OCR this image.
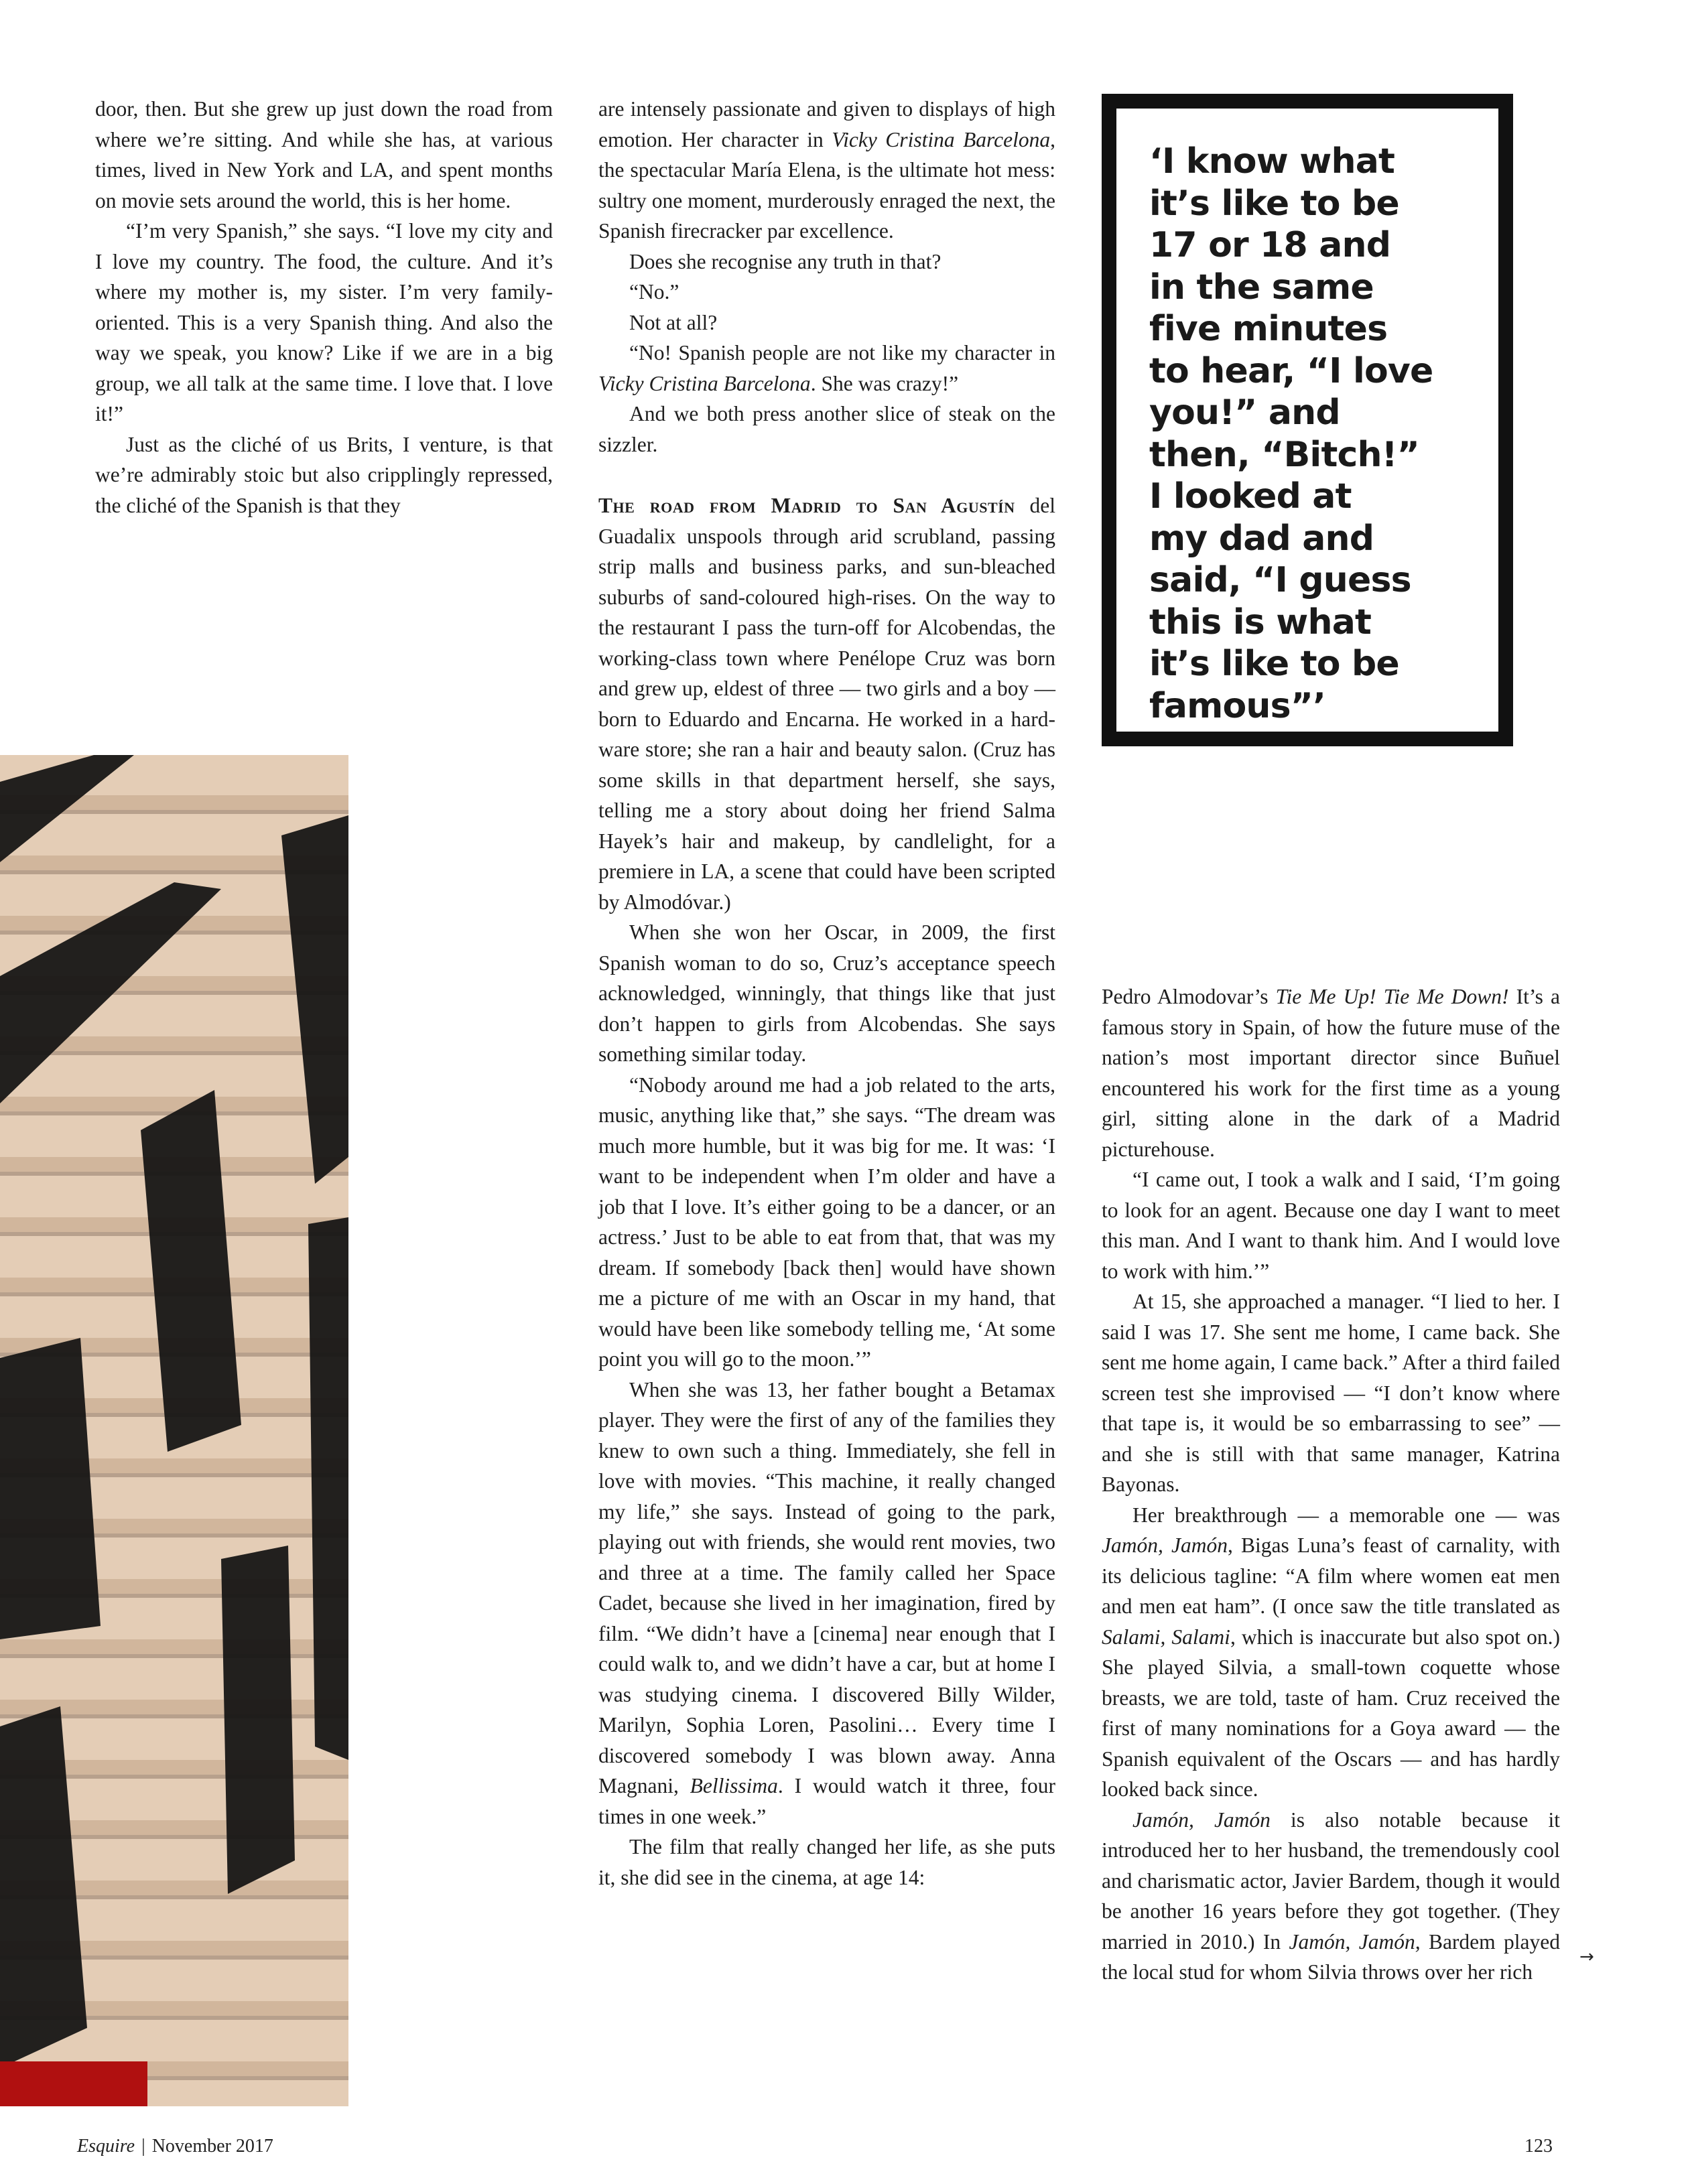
door, then. But she grew up just down the road from where we’re sitting. And while she has, at various times, lived in New York and LA, and spent months on movie sets around the world, this is her home.

“I’m very Spanish,” she says. “I love my city and I love my country. The food, the culture. And it’s where my mother is, my sister. I’m very family-oriented. This is a very Spanish thing. And also the way we speak, you know? Like if we are in a big group, we all talk at the same time. I love that. I love it!”

Just as the cliché of us Brits, I venture, is that we’re admirably stoic but also cripplingly repressed, the cliché of the Spanish is that they

are intensely passionate and given to displays of high emotion. Her character in Vicky Cristina Barcelona, the spectacular María Elena, is the ultimate hot mess: sultry one moment, murderously enraged the next, the Spanish firecracker par excellence.

Does she recognise any truth in that?

“No.”

Not at all?

“No! Spanish people are not like my character in Vicky Cristina Barcelona. She was crazy!”

And we both press another slice of steak on the sizzler.

The road from Madrid to San Agustín del Guadalix unspools through arid scrubland, passing strip malls and business parks, and sun-bleached suburbs of sand-coloured high-rises. On the way to the restaurant I pass the turn-off for Alcobendas, the working-class town where Penélope Cruz was born and grew up, eldest of three — two girls and a boy — born to Eduardo and Encarna. He worked in a hardware store; she ran a hair and beauty salon. (Cruz has some skills in that department herself, she says, telling me a story about doing her friend Salma Hayek’s hair and makeup, by candlelight, for a premiere in LA, a scene that could have been scripted by Almodóvar.)

When she won her Oscar, in 2009, the first Spanish woman to do so, Cruz’s acceptance speech acknowledged, winningly, that things like that just don’t happen to girls from Alcobendas. She says something similar today.

“Nobody around me had a job related to the arts, music, anything like that,” she says. “The dream was much more humble, but it was big for me. It was: ‘I want to be independent when I’m older and have a job that I love. It’s either going to be a dancer, or an actress.’ Just to be able to eat from that, that was my dream. If somebody [back then] would have shown me a picture of me with an Oscar in my hand, that would have been like somebody telling me, ‘At some point you will go to the moon.’”

When she was 13, her father bought a Betamax player. They were the first of any of the families they knew to own such a thing. Immediately, she fell in love with movies. “This machine, it really changed my life,” she says. Instead of going to the park, playing out with friends, she would rent movies, two and three at a time. The family called her Space Cadet, because she lived in her imagination, fired by film. “We didn’t have a [cinema] near enough that I could walk to, and we didn’t have a car, but at home I was studying cinema. I discovered Billy Wilder, Marilyn, Sophia Loren, Pasolini… Every time I discovered somebody I was blown away. Anna Magnani, Bellissima. I would watch it three, four times in one week.”

The film that really changed her life, as she puts it, she did see in the cinema, at age 14:

‘I know what
it’s like to be
17 or 18 and
in the same
five minutes
to hear, “I love
you!” and
then, “Bitch!”
I looked at
my dad and
said, “I guess
this is what
it’s like to be
famous”’

Pedro Almodovar’s Tie Me Up! Tie Me Down! It’s a famous story in Spain, of how the future muse of the nation’s most important director since Buñuel encountered his work for the first time as a young girl, sitting alone in the dark of a Madrid picturehouse.

“I came out, I took a walk and I said, ‘I’m going to look for an agent. Because one day I want to meet this man. And I want to thank him. And I would love to work with him.’”

At 15, she approached a manager. “I lied to her. I said I was 17. She sent me home, I came back. She sent me home again, I came back.” After a third failed screen test she improvised — “I don’t know where that tape is, it would be so embarrassing to see” — and she is still with that same manager, Katrina Bayonas.

Her breakthrough — a memorable one — was Jamón, Jamón, Bigas Luna’s feast of carnality, with its delicious tagline: “A film where women eat men and men eat ham”. (I once saw the title translated as Salami, Salami, which is inaccurate but also spot on.) She played Silvia, a small-town coquette whose breasts, we are told, taste of ham. Cruz received the first of many nominations for a Goya award — the Spanish equivalent of the Oscars — and has hardly looked back since.

Jamón, Jamón is also notable because it introduced her to her husband, the tremendously cool and charismatic actor, Javier Bardem, though it would be another 16 years before they got together. (They married in 2010.) In Jamón, Jamón, Bardem played the local stud for whom Silvia throws over her rich

→
Esquire | November 2017	123
